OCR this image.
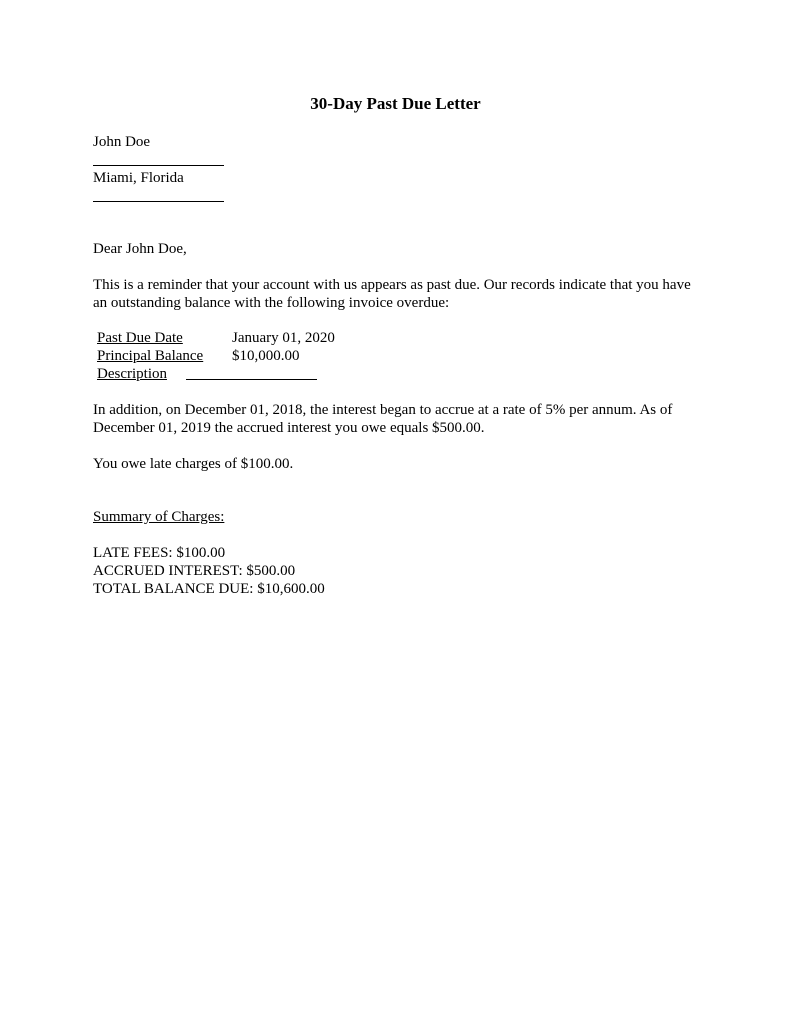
30-Day Past Due Letter
John Doe
Miami, Florida
Dear John Doe,
This is a reminder that your account with us appears as past due. Our records indicate that you have an outstanding balance with the following invoice overdue:
Past Due Date	January 01, 2020
Principal Balance $10,000.00
Description
In addition, on December 01, 2018, the interest began to accrue at a rate of 5% per annum. As of December 01, 2019 the accrued interest you owe equals $500.00.
You owe late charges of $100.00.
Summary of Charges:
LATE FEES: $100.00
ACCRUED INTEREST: $500.00
TOTAL BALANCE DUE: $10,600.00
